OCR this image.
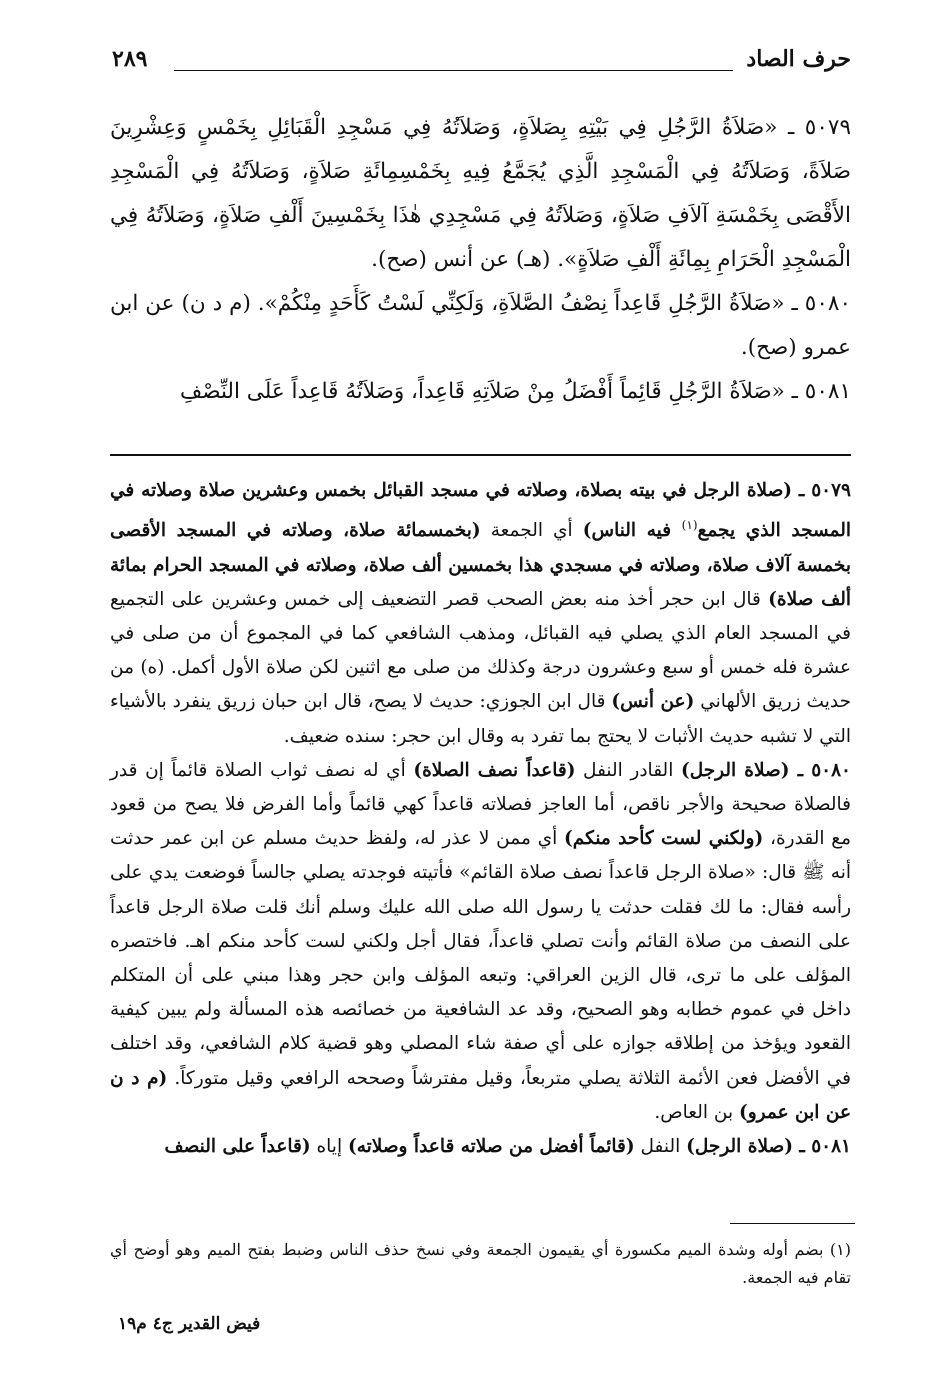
حرف الصاد
٢٨٩

٥٠٧٩ ـ «صَلاَةُ الرَّجُلِ فِي بَيْتِهِ بِصَلاَةٍ، وَصَلاَتُهُ فِي مَسْجِدِ الْقَبَائِلِ بِخَمْسٍ وَعِشْرِينَ صَلاَةً، وَصَلاَتُهُ فِي الْمَسْجِدِ الَّذِي يُجَمَّعُ فِيهِ بِخَمْسِمِائَةِ صَلاَةٍ، وَصَلاَتُهُ فِي الْمَسْجِدِ الأَقْصَى بِخَمْسَةِ آلاَفِ صَلاَةٍ، وَصَلاَتُهُ فِي مَسْجِدِي هٰذَا بِخَمْسِينَ أَلْفِ صَلاَةٍ، وَصَلاَتُهُ فِي الْمَسْجِدِ الْحَرَامِ بِمِائَةِ أَلْفِ صَلاَةٍ». (هـ) عن أنس (صح).

٥٠٨٠ ـ «صَلاَةُ الرَّجُلِ قَاعِداً نِصْفُ الصَّلاَةِ، وَلَكِنِّي لَسْتُ كَأَحَدٍ مِنْكُمْ». (م د ن) عن ابن عمرو (صح).

٥٠٨١ ـ «صَلاَةُ الرَّجُلِ قَائِماً أَفْضَلُ مِنْ صَلاَتِهِ قَاعِداً، وَصَلاَتُهُ قَاعِداً عَلَى النِّصْفِ

٥٠٧٩ ـ (صلاة الرجل في بيته بصلاة، وصلاته في مسجد القبائل بخمس وعشرين صلاة وصلاته في المسجد الذي يجمع$^{(١)}$ فيه الناس) أي الجمعة (بخمسمائة صلاة، وصلاته في المسجد الأقصى بخمسة آلاف صلاة، وصلاته في مسجدي هذا بخمسين ألف صلاة، وصلاته في المسجد الحرام بمائة ألف صلاة) قال ابن حجر أخذ منه بعض الصحب قصر التضعيف إلى خمس وعشرين على التجميع في المسجد العام الذي يصلي فيه القبائل، ومذهب الشافعي كما في المجموع أن من صلى في عشرة فله خمس أو سبع وعشرون درجة وكذلك من صلى مع اثنين لكن صلاة الأول أكمل. (ه) من حديث زريق الألهاني (عن أنس) قال ابن الجوزي: حديث لا يصح، قال ابن حبان زريق ينفرد بالأشياء التي لا تشبه حديث الأثبات لا يحتج بما تفرد به وقال ابن حجر: سنده ضعيف.

٥٠٨٠ ـ (صلاة الرجل) القادر النفل (قاعداً نصف الصلاة) أي له نصف ثواب الصلاة قائماً إن قدر فالصلاة صحيحة والأجر ناقص، أما العاجز فصلاته قاعداً كهي قائماً وأما الفرض فلا يصح من قعود مع القدرة، (ولكني لست كأحد منكم) أي ممن لا عذر له، ولفظ حديث مسلم عن ابن عمر حدثت أنه ﷺ قال: «صلاة الرجل قاعداً نصف صلاة القائم» فأتيته فوجدته يصلي جالساً فوضعت يدي على رأسه فقال: ما لك فقلت حدثت يا رسول الله صلى الله عليك وسلم أنك قلت صلاة الرجل قاعداً على النصف من صلاة القائم وأنت تصلي قاعداً، فقال أجل ولكني لست كأحد منكم اهـ. فاختصره المؤلف على ما ترى، قال الزين العراقي: وتبعه المؤلف وابن حجر وهذا مبني على أن المتكلم داخل في عموم خطابه وهو الصحيح، وقد عد الشافعية من خصائصه هذه المسألة ولم يبين كيفية القعود ويؤخذ من إطلاقه جوازه على أي صفة شاء المصلي وهو قضية كلام الشافعي، وقد اختلف في الأفضل فعن الأئمة الثلاثة يصلي متربعاً، وقيل مفترشاً وصححه الرافعي وقيل متوركاً. (م د ن عن ابن عمرو) بن العاص.

٥٠٨١ ـ (صلاة الرجل) النفل (قائماً أفضل من صلاته قاعداً وصلاته) إياه (قاعداً على النصف

(١) بضم أوله وشدة الميم مكسورة أي يقيمون الجمعة وفي نسخ حذف الناس وضبط بفتح الميم وهو أوضح أي تقام فيه الجمعة.

فيض القدير ج٤ م١٩
